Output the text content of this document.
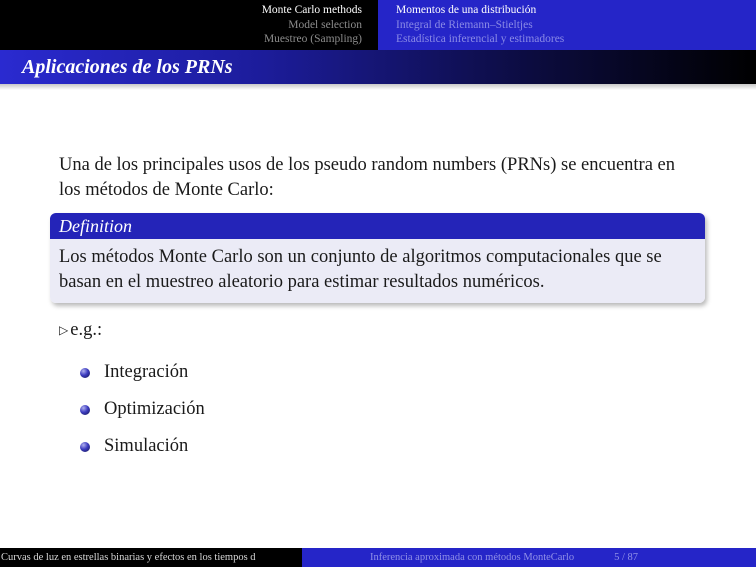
Monte Carlo methods
Model selection
Muestreo (Sampling)
Momentos de una distribución
Integral de Riemann–Stieltjes
Estadística inferencial y estimadores
Aplicaciones de los PRNs
Una de los principales usos de los pseudo random numbers (PRNs) se encuentra en los métodos de Monte Carlo:
Definition
Los métodos Monte Carlo son un conjunto de algoritmos computacionales que se basan en el muestreo aleatorio para estimar resultados numéricos.
▷ e.g.:
Integración
Optimización
Simulación
Curvas de luz en estrellas binarias y efectos en los tiempos d	Inferencia aproximada con métodos MonteCarlo	5 / 87
